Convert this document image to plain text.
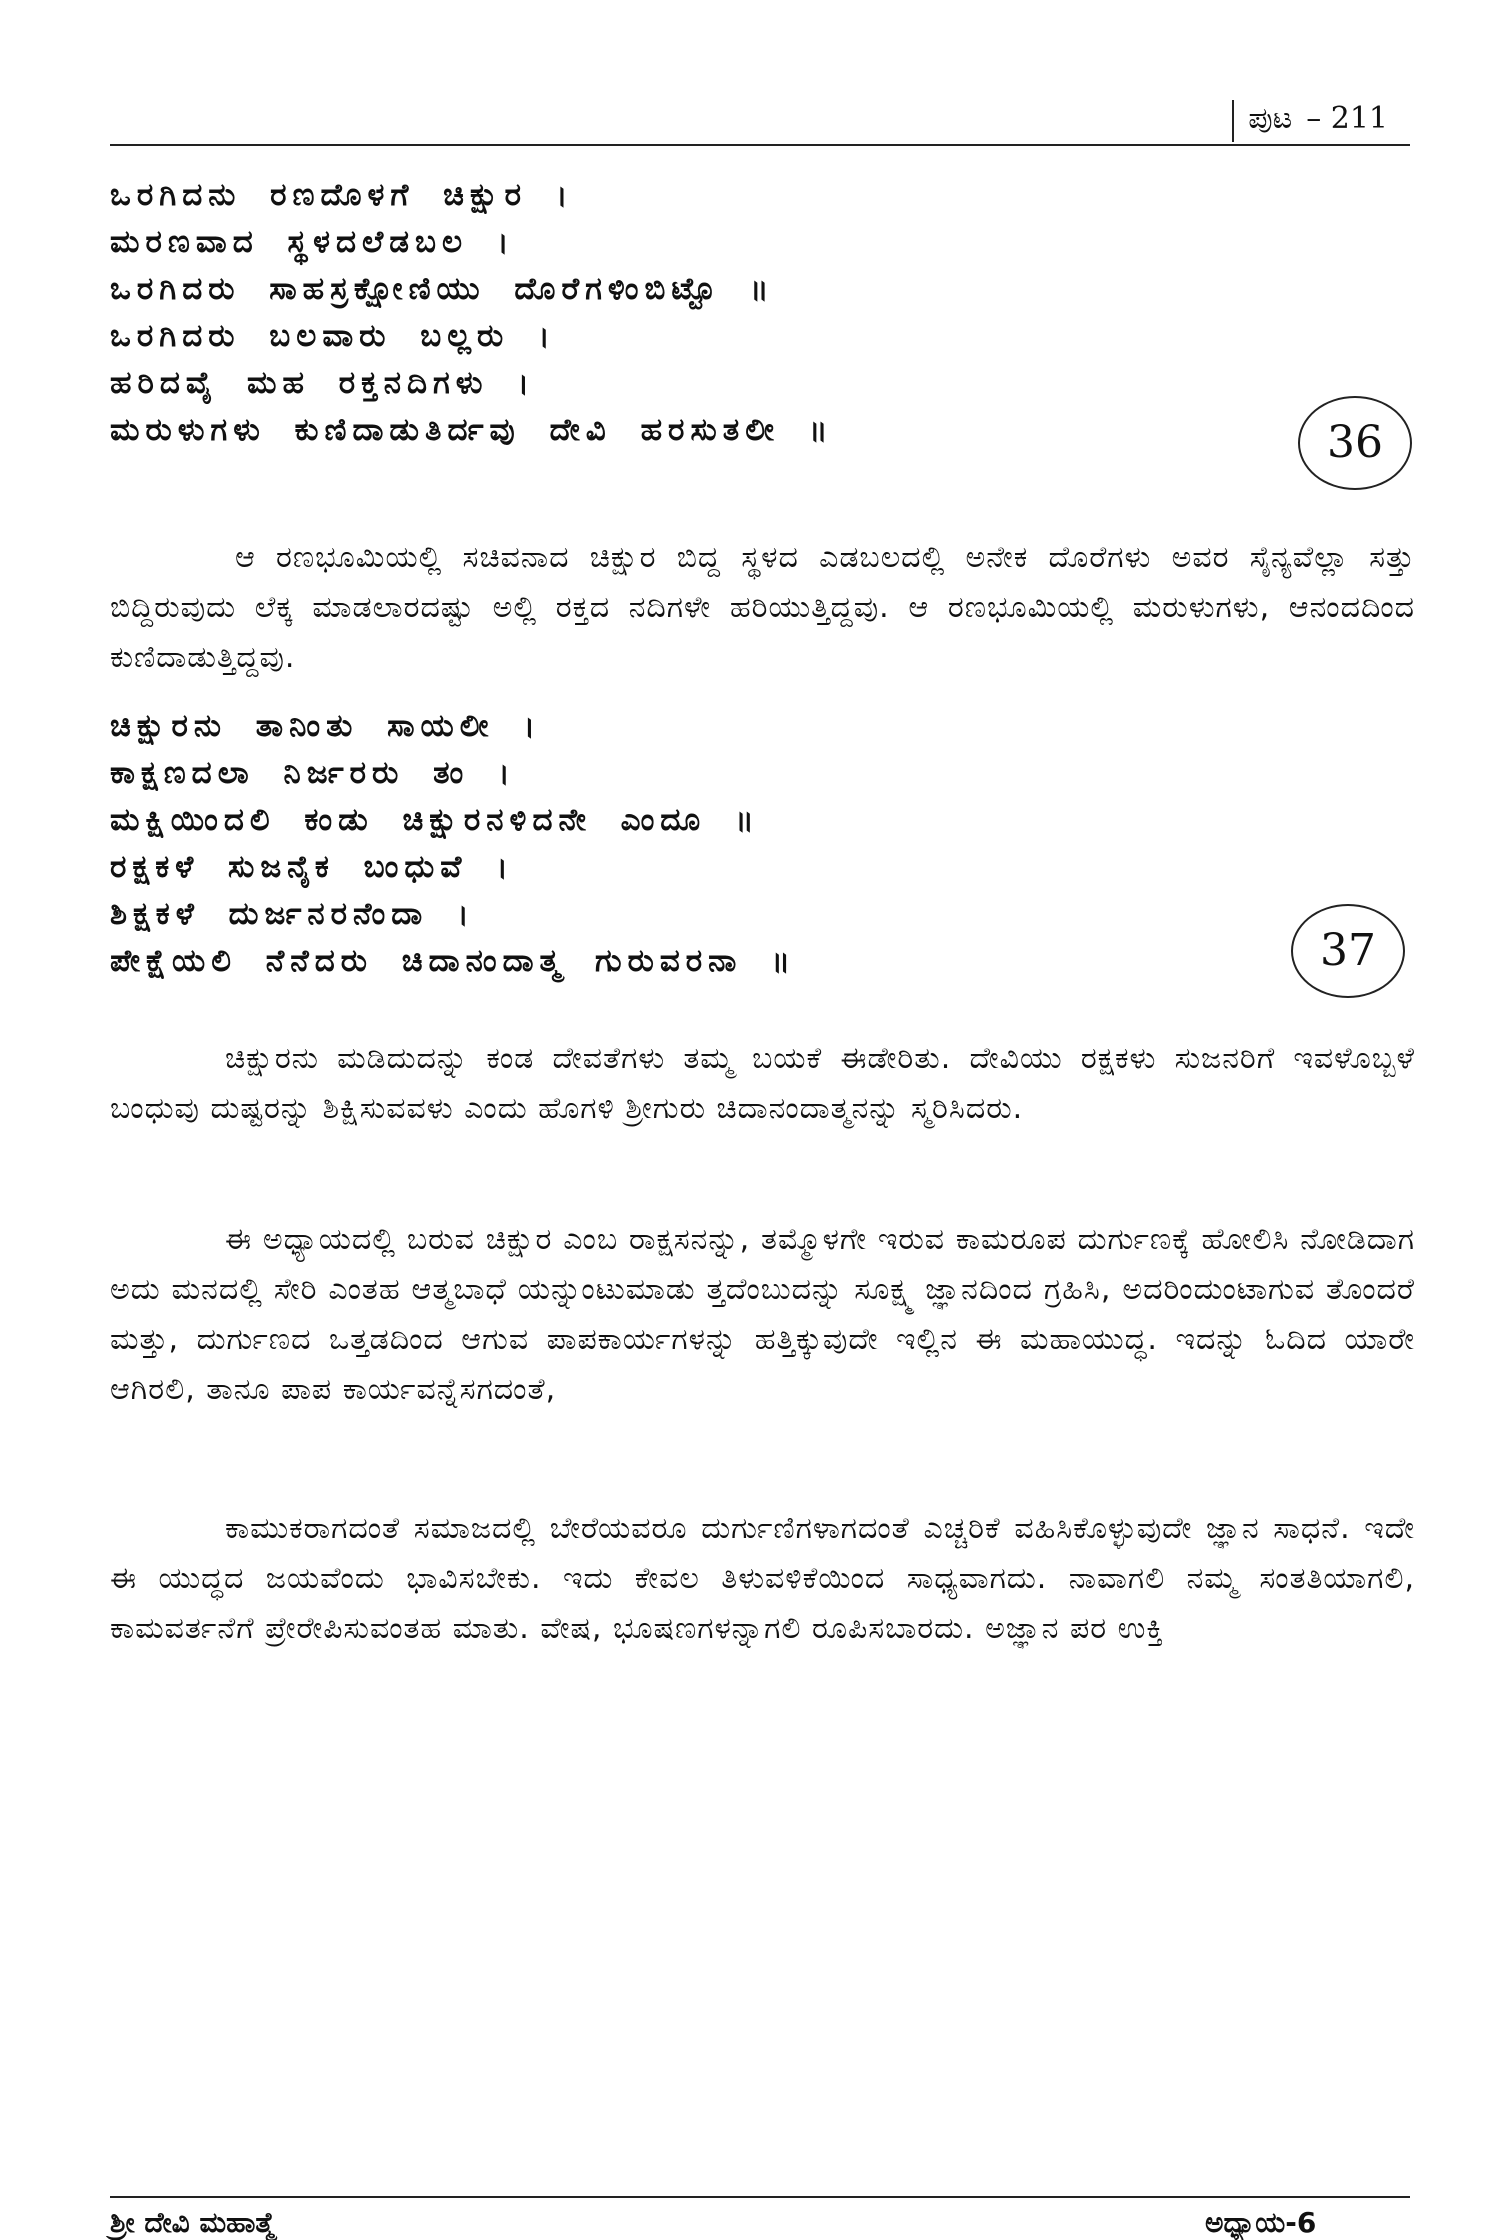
ಪುಟ – 211
ಒರಗಿದನು ರಣದೊಳಗೆ ಚಿಕ್ಷುರ ।
ಮರಣವಾದ ಸ್ಥಳದಲೆಡಬಲ ।
ಒರಗಿದರು ಸಾಹಸ್ರಕ್ಷೋಣಿಯು ದೊರೆಗಳಿಂಬಿಟ್ಟೊ ॥
ಒರಗಿದರು ಬಲವಾರು ಬಲ್ಲರು ।
ಹರಿದವೈ ಮಹ ರಕ್ತನದಿಗಳು ।
ಮರುಳುಗಳು ಕುಣಿದಾಡುತಿರ್ದವು ದೇವಿ ಹರಸುತಲೀ ॥	36

ಆ ರಣಭೂಮಿಯಲ್ಲಿ ಸಚಿವನಾದ ಚಿಕ್ಷುರ ಬಿದ್ದ ಸ್ಥಳದ ಎಡಬಲದಲ್ಲಿ ಅನೇಕ ದೊರೆಗಳು ಅವರ ಸೈನ್ಯವೆಲ್ಲಾ ಸತ್ತು ಬಿದ್ದಿರುವುದು ಲೆಕ್ಕ ಮಾಡಲಾರದಷ್ಟು ಅಲ್ಲಿ ರಕ್ತದ ನದಿಗಳೇ ಹರಿಯುತ್ತಿದ್ದವು. ಆ ರಣಭೂಮಿಯಲ್ಲಿ ಮರುಳುಗಳು, ಆನಂದದಿಂದ ಕುಣಿದಾಡುತ್ತಿದ್ದವು.

ಚಿಕ್ಷುರನು ತಾನಿಂತು ಸಾಯಲೀ ।
ಕಾಕ್ಷಣದಲಾ ನಿರ್ಜರರು ತಂ ।
ಮಕ್ಷಿಯಿಂದಲಿ ಕಂಡು ಚಿಕ್ಷುರನಳಿದನೇ ಎಂದೂ ॥
ರಕ್ಷಕಳೆ ಸುಜನೈಕ ಬಂಧುವೆ ।
ಶಿಕ್ಷಕಳೆ ದುರ್ಜನರನೆಂದಾ ।
ಪೇಕ್ಷೆಯಲಿ ನೆನೆದರು ಚಿದಾನಂದಾತ್ಮ ಗುರುವರನಾ ॥	37

ಚಿಕ್ಷುರನು ಮಡಿದುದನ್ನು ಕಂಡ ದೇವತೆಗಳು ತಮ್ಮ ಬಯಕೆ ಈಡೇರಿತು. ದೇವಿಯು ರಕ್ಷಕಳು ಸುಜನರಿಗೆ ಇವಳೊಬ್ಬಳೆ ಬಂಧುವು ದುಷ್ಟರನ್ನು ಶಿಕ್ಷಿಸುವವಳು ಎಂದು ಹೊಗಳಿ ಶ್ರೀಗುರು ಚಿದಾನಂದಾತ್ಮನನ್ನು ಸ್ಮರಿಸಿದರು.

ಈ ಅಧ್ಯಾಯದಲ್ಲಿ ಬರುವ ಚಿಕ್ಷುರ ಎಂಬ ರಾಕ್ಷಸನನ್ನು, ತಮ್ಮೊಳಗೇ ಇರುವ ಕಾಮರೂಪ ದುರ್ಗುಣಕ್ಕೆ ಹೋಲಿಸಿ ನೋಡಿದಾಗ ಅದು ಮನದಲ್ಲಿ ಸೇರಿ ಎಂತಹ ಆತ್ಮಬಾಧೆ ಯನ್ನುಂಟುಮಾಡು ತ್ತದೆಂಬುದನ್ನು ಸೂಕ್ಷ್ಮ ಜ್ಞಾನದಿಂದ ಗ್ರಹಿಸಿ, ಅದರಿಂದುಂಟಾಗುವ ತೊಂದರೆ ಮತ್ತು, ದುರ್ಗುಣದ ಒತ್ತಡದಿಂದ ಆಗುವ ಪಾಪಕಾರ್ಯಗಳನ್ನು ಹತ್ತಿಕ್ಕುವುದೇ ಇಲ್ಲಿನ ಈ ಮಹಾಯುದ್ಧ. ಇದನ್ನು ಓದಿದ ಯಾರೇ ಆಗಿರಲಿ, ತಾನೂ ಪಾಪ ಕಾರ್ಯವನ್ನೆಸಗದಂತೆ,

ಕಾಮುಕರಾಗದಂತೆ ಸಮಾಜದಲ್ಲಿ ಬೇರೆಯವರೂ ದುರ್ಗುಣಿಗಳಾಗದಂತೆ ಎಚ್ಚರಿಕೆ ವಹಿಸಿಕೊಳ್ಳುವುದೇ ಜ್ಞಾನ ಸಾಧನೆ. ಇದೇ ಈ ಯುದ್ಧದ ಜಯವೆಂದು ಭಾವಿಸಬೇಕು. ಇದು ಕೇವಲ ತಿಳುವಳಿಕೆಯಿಂದ ಸಾಧ್ಯವಾಗದು. ನಾವಾಗಲಿ ನಮ್ಮ ಸಂತತಿಯಾಗಲಿ, ಕಾಮವರ್ತನೆಗೆ ಪ್ರೇರೇಪಿಸುವಂತಹ ಮಾತು. ವೇಷ, ಭೂಷಣಗಳನ್ನಾಗಲಿ ರೂಪಿಸಬಾರದು. ಅಜ್ಞಾನ ಪರ ಉಕ್ತಿ

ಶ್ರೀ ದೇವಿ ಮಹಾತ್ಮೆ	ಅಧ್ಯಾಯ-6
